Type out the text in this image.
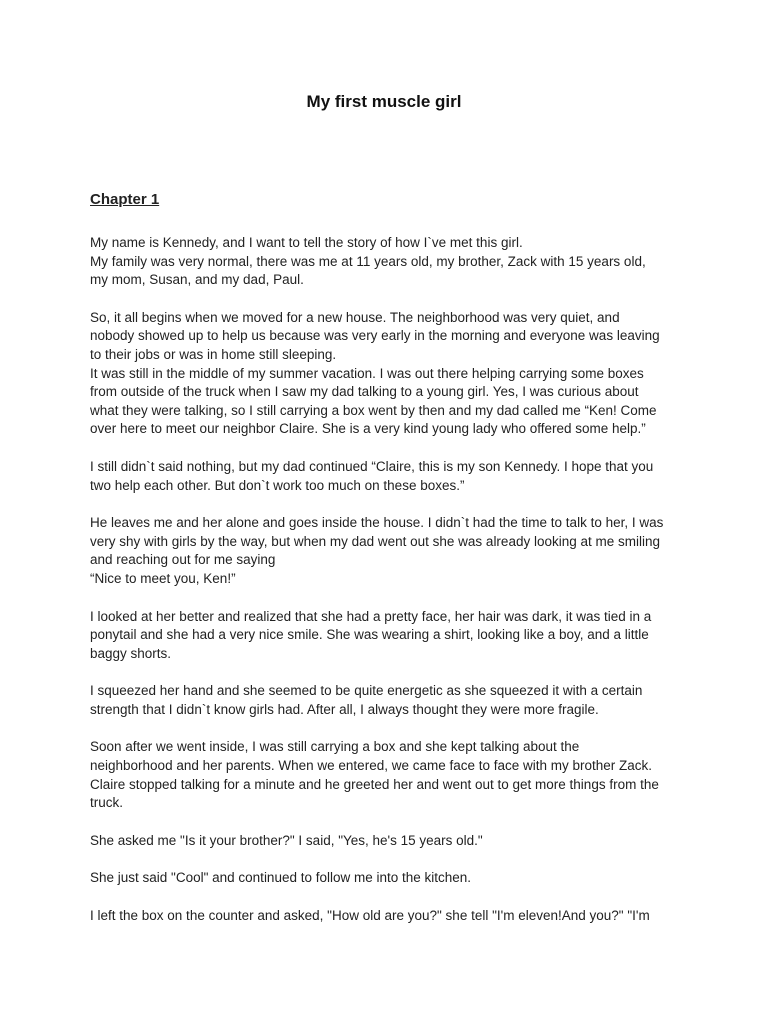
My first muscle girl
Chapter 1

My name is Kennedy, and I want to tell the story of how I`ve met this girl.

My family was very normal, there was me at 11 years old, my brother, Zack with 15 years old,
my mom, Susan, and my dad, Paul.

So, it all begins when we moved for a new house. The neighborhood was very quiet, and
nobody showed up to help us because was very early in the morning and everyone was leaving
to their jobs or was in home still sleeping.

It was still in the middle of my summer vacation. I was out there helping carrying some boxes
from outside of the truck when I saw my dad talking to a young girl. Yes, I was curious about
what they were talking, so I still carrying a box went by then and my dad called me “Ken! Come
over here to meet our neighbor Claire. She is a very kind young lady who offered some help.”

I still didn`t said nothing, but my dad continued “Claire, this is my son Kennedy. I hope that you
two help each other. But don`t work too much on these boxes.”

He leaves me and her alone and goes inside the house. I didn`t had the time to talk to her, I was
very shy with girls by the way, but when my dad went out she was already looking at me smiling
and reaching out for me saying
“Nice to meet you, Ken!”

I looked at her better and realized that she had a pretty face, her hair was dark, it was tied in a
ponytail and she had a very nice smile. She was wearing a shirt, looking like a boy, and a little
baggy shorts.

I squeezed her hand and she seemed to be quite energetic as she squeezed it with a certain
strength that I didn`t know girls had. After all, I always thought they were more fragile.

Soon after we went inside, I was still carrying a box and she kept talking about the
neighborhood and her parents. When we entered, we came face to face with my brother Zack.
Claire stopped talking for a minute and he greeted her and went out to get more things from the
truck.

She asked me "Is it your brother?" I said, "Yes, he's 15 years old."

She just said "Cool" and continued to follow me into the kitchen.

I left the box on the counter and asked, "How old are you?" she tell "I'm eleven!And you?" "I'm
